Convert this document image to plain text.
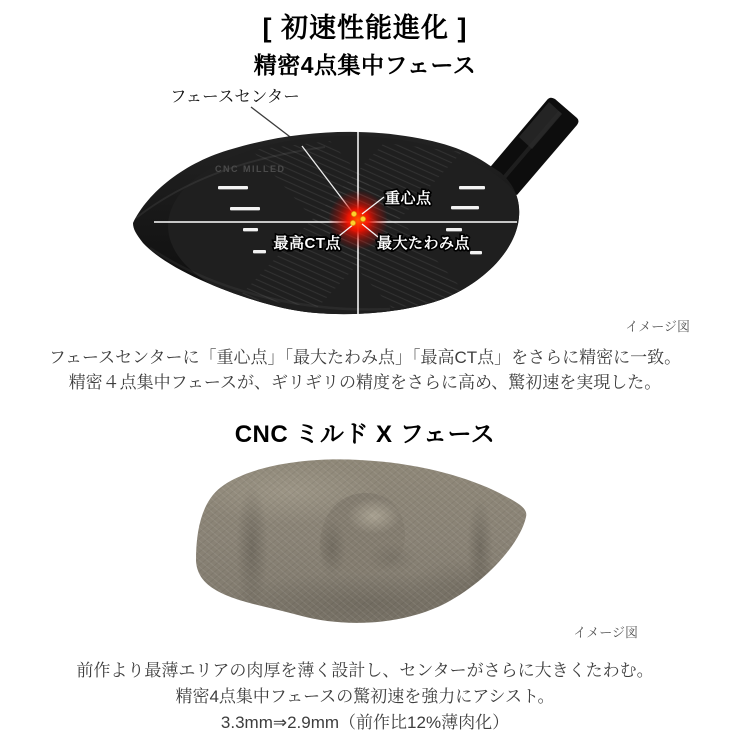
[ 初速性能進化 ]
精密4点集中フェース
フェースセンター
CNC MILLED
重心点
最高CT点 最大たわみ点
イメージ図
フェースセンターに「重心点」「最大たわみ点」「最高CT点」をさらに精密に一致。
精密４点集中フェースが、ギリギリの精度をさらに高め、驚初速を実現した。
CNC ミルド X フェース
イメージ図
前作より最薄エリアの肉厚を薄く設計し、センターがさらに大きくたわむ。
精密4点集中フェースの驚初速を強力にアシスト。
3.3mm⇒2.9mm（前作比12%薄肉化）
